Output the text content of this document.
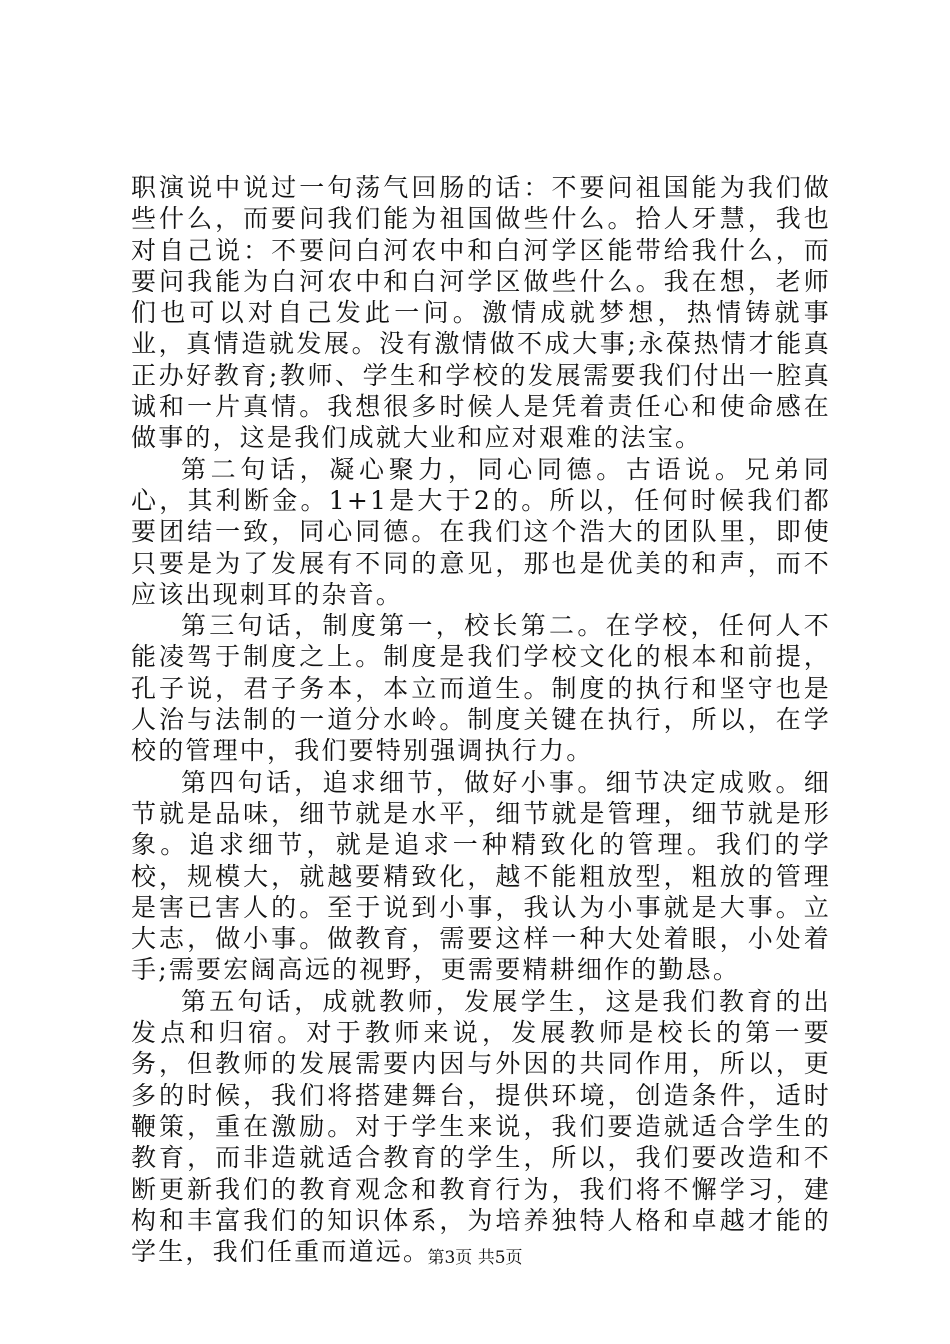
职演说中说过一句荡气回肠的话：不要问祖国能为我们做些什么，而要问我们能为祖国做些什么。拾人牙慧，我也对自己说：不要问白河农中和白河学区能带给我什么，而要问我能为白河农中和白河学区做些什么。我在想，老师们也可以对自己发此一问。激情成就梦想，热情铸就事业，真情造就发展。没有激情做不成大事;永葆热情才能真正办好教育;教师、学生和学校的发展需要我们付出一腔真诚和一片真情。我想很多时候人是凭着责任心和使命感在做事的，这是我们成就大业和应对艰难的法宝。

第二句话，凝心聚力，同心同德。古语说。兄弟同心，其利断金。1+1是大于2的。所以，任何时候我们都要团结一致，同心同德。在我们这个浩大的团队里，即使只要是为了发展有不同的意见，那也是优美的和声，而不应该出现刺耳的杂音。

第三句话，制度第一，校长第二。在学校，任何人不能凌驾于制度之上。制度是我们学校文化的根本和前提，孔子说，君子务本，本立而道生。制度的执行和坚守也是人治与法制的一道分水岭。制度关键在执行，所以，在学校的管理中，我们要特别强调执行力。

第四句话，追求细节，做好小事。细节决定成败。细节就是品味，细节就是水平，细节就是管理，细节就是形象。追求细节，就是追求一种精致化的管理。我们的学校，规模大，就越要精致化，越不能粗放型，粗放的管理是害已害人的。至于说到小事，我认为小事就是大事。立大志，做小事。做教育，需要这样一种大处着眼，小处着手;需要宏阔高远的视野，更需要精耕细作的勤恳。

第五句话，成就教师，发展学生，这是我们教育的出发点和归宿。对于教师来说，发展教师是校长的第一要务，但教师的发展需要内因与外因的共同作用，所以，更多的时候，我们将搭建舞台，提供环境，创造条件，适时鞭策，重在激励。对于学生来说，我们要造就适合学生的教育，而非造就适合教育的学生，所以，我们要改造和不断更新我们的教育观念和教育行为，我们将不懈学习，建构和丰富我们的知识体系，为培养独特人格和卓越才能的学生，我们任重而道远。

第3页 共5页
